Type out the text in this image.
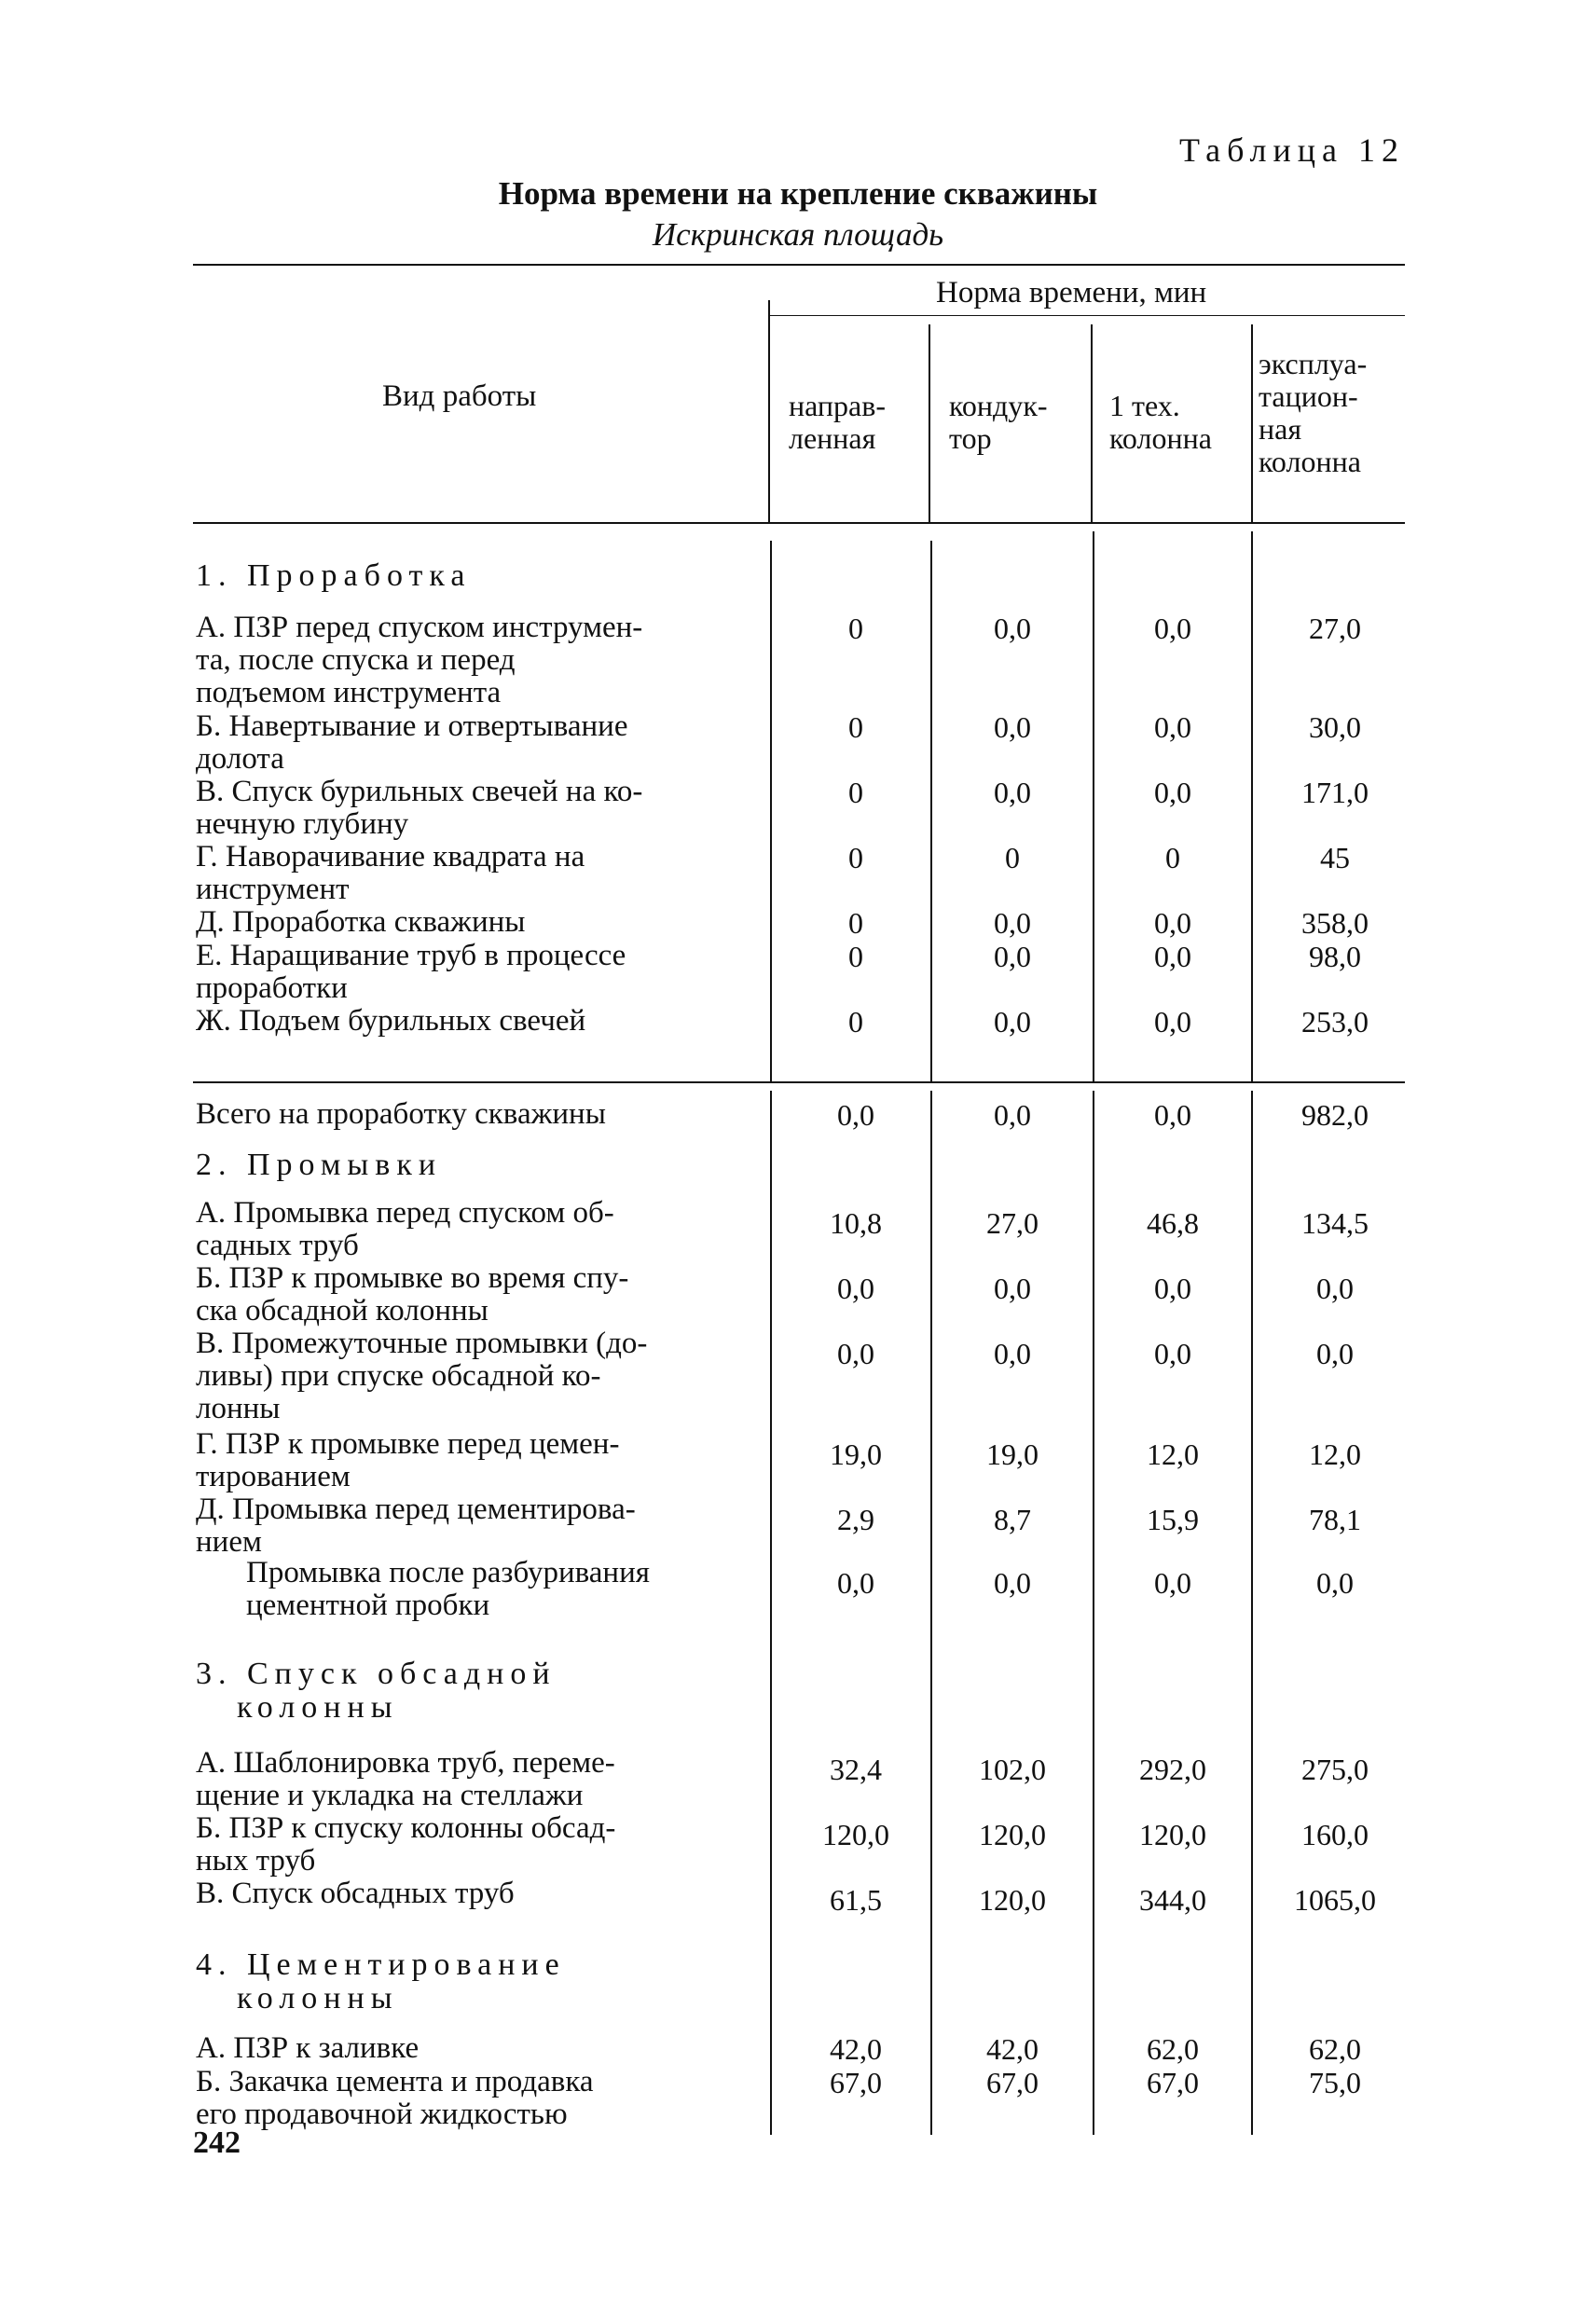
Таблица 12
Норма времени на крепление скважины
Искринская площадь
Вид работы
Норма времени, мин
направ-
ленная
кондук-
тор
1 тех.
колонна
эксплуа-
тацион-
ная
колонна
1. Проработка
А. ПЗР перед спуском инструмен-
та, после спуска и перед
подъемом инструмента
0	0,0	0,0	27,0
Б. Навертывание и отвертывание
долота
0	0,0	0,0	30,0
В. Спуск бурильных свечей на ко-
нечную глубину
0	0,0	0,0	171,0
Г. Наворачивание квадрата на
инструмент
0	0	0	45
Д. Проработка скважины	0	0,0	0,0	358,0
Е. Наращивание труб в процессе
проработки
0	0,0	0,0	98,0
Ж. Подъем бурильных свечей	0	0,0	0,0	253,0
Всего на проработку скважины	0,0	0,0	0,0	982,0
2. Промывки
А. Промывка перед спуском об-
садных труб
10,8	27,0	46,8	134,5
Б. ПЗР к промывке во время спу-
ска обсадной колонны
0,0	0,0	0,0	0,0
В. Промежуточные промывки (до-
ливы) при спуске обсадной ко-
лонны
0,0	0,0	0,0	0,0
Г. ПЗР к промывке перед цемен-
тированием
19,0	19,0	12,0	12,0
Д. Промывка перед цементирова-
нием
2,9	8,7	15,9	78,1
Промывка после разбуривания
цементной пробки
0,0	0,0	0,0	0,0
3. Спуск обсадной
колонны
А. Шаблонировка труб, переме-
щение и укладка на стеллажи
32,4	102,0	292,0	275,0
Б. ПЗР к спуску колонны обсад-
ных труб
120,0	120,0	120,0	160,0
В. Спуск обсадных труб	61,5	120,0	344,0	1065,0
4. Цементирование
колонны
А. ПЗР к заливке	42,0	42,0	62,0	62,0
Б. Закачка цемента и продавка
его продавочной жидкостью
67,0	67,0	67,0	75,0
242
